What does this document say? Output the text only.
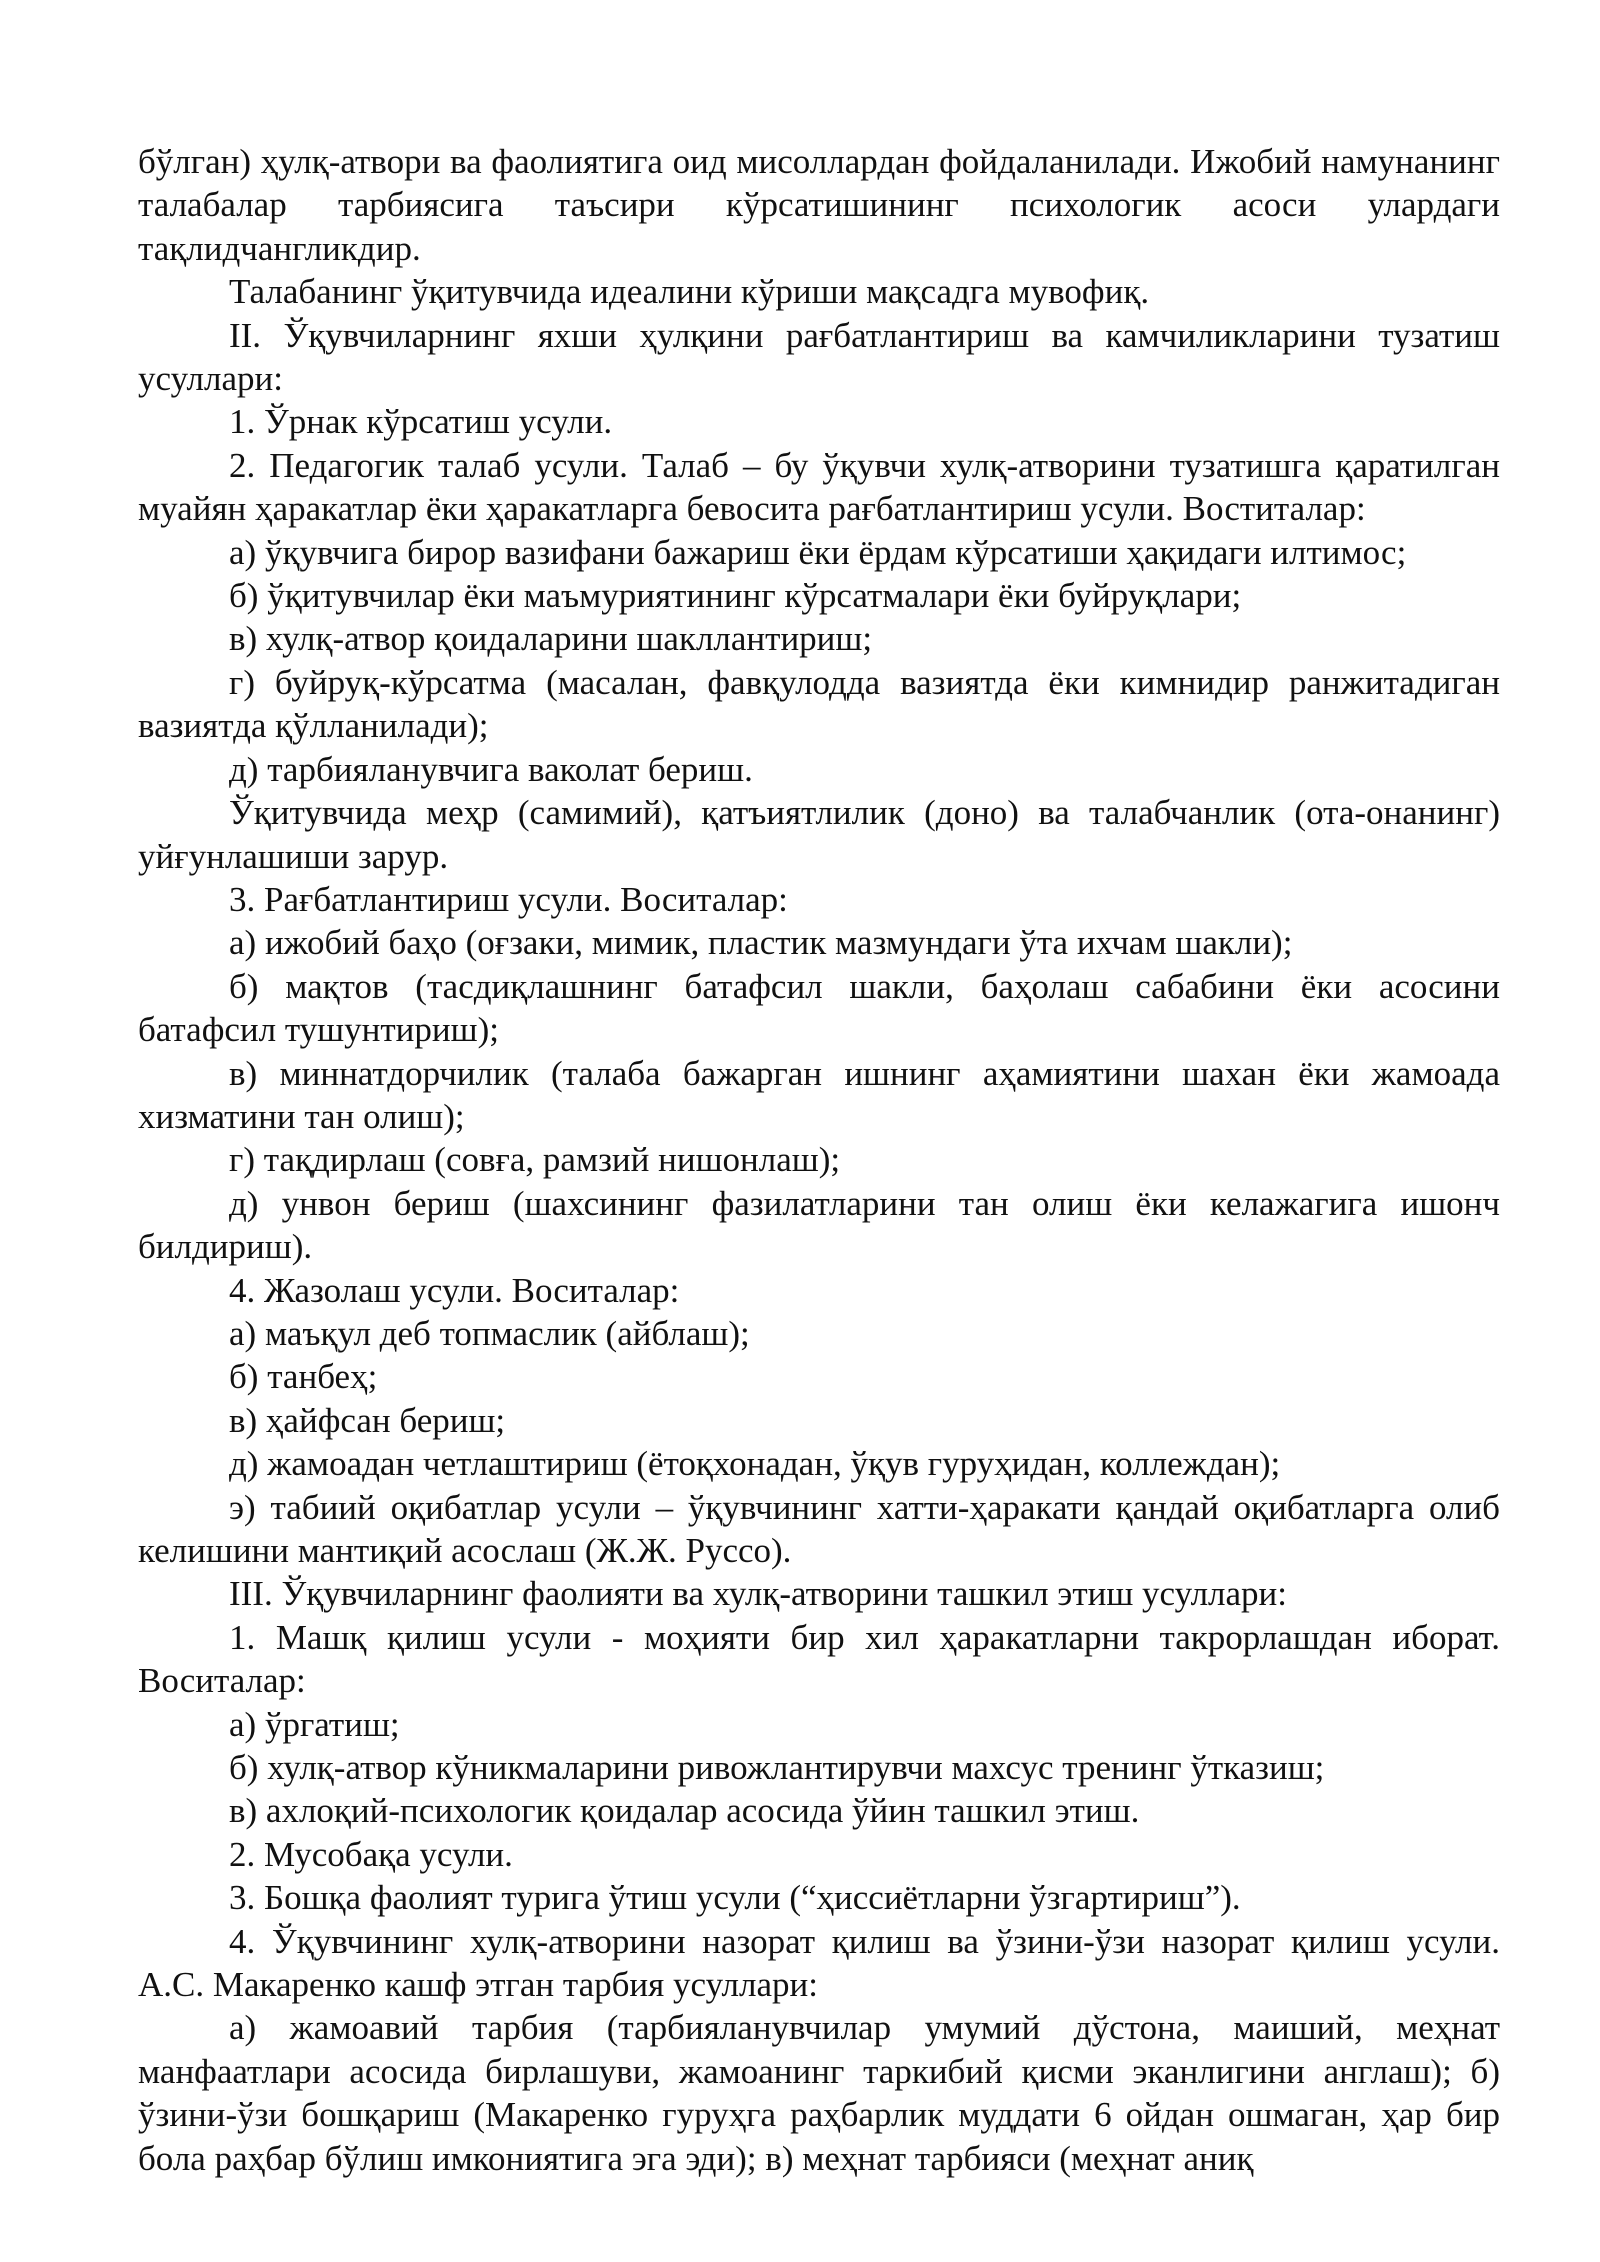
бўлган) ҳулқ-атвори ва фаолиятига оид мисоллардан фойдаланилади. Ижобий намунанинг талабалар тарбиясига таъсири кўрсатишининг психологик асоси улардаги тақлидчангликдир.

Талабанинг ўқитувчида идеалини кўриши мақсадга мувофиқ.

II. Ўқувчиларнинг яхши ҳулқини рағбатлантириш ва камчиликларини тузатиш усуллари:

1. Ўрнак кўрсатиш усули.

2. Педагогик талаб усули. Талаб – бу ўқувчи хулқ-атворини тузатишга қаратилган муайян ҳаракатлар ёки ҳаракатларга бевосита рағбатлантириш усули. Воститалар:

а) ўқувчига бирор вазифани бажариш ёки ёрдам кўрсатиши ҳақидаги илтимос;

б) ўқитувчилар ёки маъмуриятининг кўрсатмалари ёки буйруқлари;

в) хулқ-атвор қоидаларини шакллантириш;

г) буйруқ-кўрсатма (масалан, фавқулодда вазиятда ёки кимнидир ранжитадиган вазиятда қўлланилади);

д) тарбияланувчига ваколат бериш.

Ўқитувчида меҳр (самимий), қатъиятлилик (доно) ва талабчанлик (ота-онанинг) уйғунлашиши зарур.

3. Рағбатлантириш усули. Воситалар:

а) ижобий баҳо (оғзаки, мимик, пластик мазмундаги ўта ихчам шакли);

б) мақтов (тасдиқлашнинг батафсил шакли, баҳолаш сабабини ёки асосини батафсил тушунтириш);

в) миннатдорчилик (талаба бажарган ишнинг аҳамиятини шахан ёки жамоада хизматини тан олиш);

г) тақдирлаш (совға, рамзий нишонлаш);

д) унвон бериш (шахсининг фазилатларини тан олиш ёки келажагига ишонч билдириш).

4. Жазолаш усули. Воситалар:

а) маъқул деб топмаслик (айблаш);

б) танбеҳ;

в) ҳайфсан бериш;

д) жамоадан четлаштириш (ётоқхонадан, ўқув гуруҳидан, коллеждан);

э) табиий оқибатлар усули – ўқувчининг хатти-ҳаракати қандай оқибатларга олиб келишини мантиқий асослаш (Ж.Ж. Руссо).

III. Ўқувчиларнинг фаолияти ва хулқ-атворини ташкил этиш усуллари:

1. Машқ қилиш усули - моҳияти бир хил ҳаракатларни такрорлашдан иборат. Воситалар:

а) ўргатиш;

б) хулқ-атвор кўникмаларини ривожлантирувчи махсус тренинг ўтказиш;

в) ахлоқий-психологик қоидалар асосида ўйин ташкил этиш.

2. Мусобақа усули.

3. Бошқа фаолият турига ўтиш усули (“ҳиссиётларни ўзгартириш”).

4. Ўқувчининг хулқ-атворини назорат қилиш ва ўзини-ўзи назорат қилиш усули. А.С. Макаренко кашф этган тарбия усуллари:

а) жамоавий тарбия (тарбияланувчилар умумий дўстона, маиший, меҳнат манфаатлари асосида бирлашуви, жамоанинг таркибий қисми эканлигини англаш); б) ўзини-ўзи бошқариш (Макаренко гуруҳга раҳбарлик муддати 6 ойдан ошмаган, ҳар бир бола раҳбар бўлиш имкониятига эга эди); в) меҳнат тарбияси (меҳнат аниқ
